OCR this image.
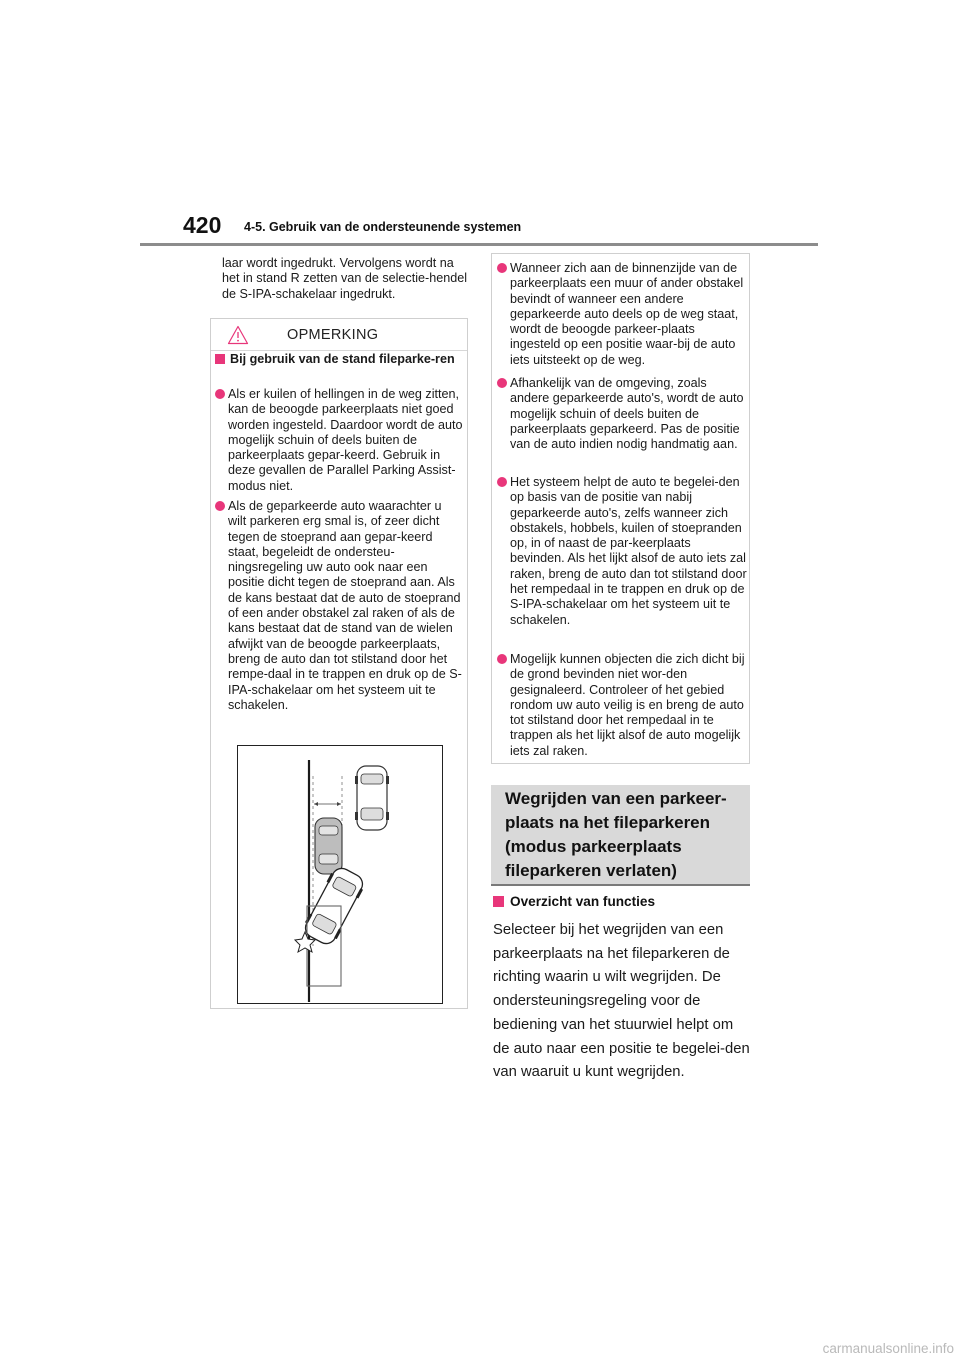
420 4-5. Gebruik van de ondersteunende systemen
laar wordt ingedrukt. Vervolgens wordt na het in stand R zetten van de selectie-hendel de S-IPA-schakelaar ingedrukt.
OPMERKING
Bij gebruik van de stand fileparke-ren
Als er kuilen of hellingen in de weg zitten, kan de beoogde parkeerplaats niet goed worden ingesteld. Daardoor wordt de auto mogelijk schuin of deels buiten de parkeerplaats gepar-keerd. Gebruik in deze gevallen de Parallel Parking Assist-modus niet.
Als de geparkeerde auto waarachter u wilt parkeren erg smal is, of zeer dicht tegen de stoeprand aan gepar-keerd staat, begeleidt de ondersteu-ningsregeling uw auto ook naar een positie dicht tegen de stoeprand aan. Als de kans bestaat dat de auto de stoeprand of een ander obstakel zal raken of als de kans bestaat dat de stand van de wielen afwijkt van de beoogde parkeerplaats, breng de auto dan tot stilstand door het rempe-daal in te trappen en druk op de S-IPA-schakelaar om het systeem uit te schakelen.
Wanneer zich aan de binnenzijde van de parkeerplaats een muur of ander obstakel bevindt of wanneer een andere geparkeerde auto deels op de weg staat, wordt de beoogde parkeer-plaats ingesteld op een positie waar-bij de auto iets uitsteekt op de weg.
Afhankelijk van de omgeving, zoals andere geparkeerde auto's, wordt de auto mogelijk schuin of deels buiten de parkeerplaats geparkeerd. Pas de positie van de auto indien nodig handmatig aan.
Het systeem helpt de auto te begelei-den op basis van de positie van nabij geparkeerde auto's, zelfs wanneer zich obstakels, hobbels, kuilen of stoepranden op, in of naast de par-keerplaats bevinden. Als het lijkt alsof de auto iets zal raken, breng de auto dan tot stilstand door het rempedaal in te trappen en druk op de S-IPA-schakelaar om het systeem uit te schakelen.
Mogelijk kunnen objecten die zich dicht bij de grond bevinden niet wor-den gesignaleerd. Controleer of het gebied rondom uw auto veilig is en breng de auto tot stilstand door het rempedaal in te trappen als het lijkt alsof de auto mogelijk iets zal raken.
Wegrijden van een parkeer-plaats na het fileparkeren (modus parkeerplaats fileparkeren verlaten)
Overzicht van functies
Selecteer bij het wegrijden van een parkeerplaats na het fileparkeren de richting waarin u wilt wegrijden. De ondersteuningsregeling voor de bediening van het stuurwiel helpt om de auto naar een positie te begelei-den van waaruit u kunt wegrijden.
carmanualsonline.info
